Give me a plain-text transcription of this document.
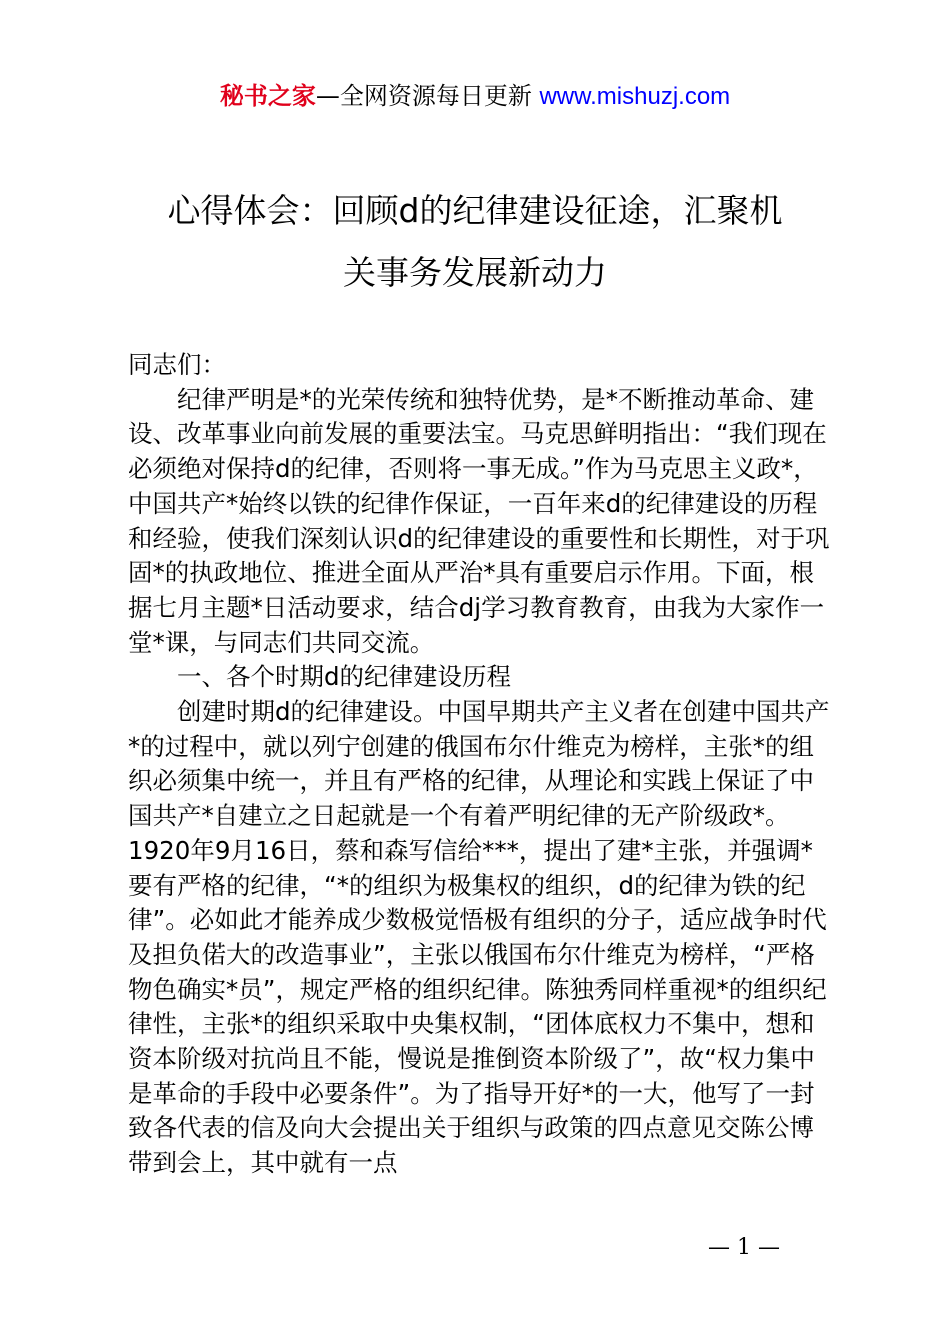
秘书之家—全网资源每日更新 www.mishuzj.com
心得体会：回顾d的纪律建设征途，汇聚机
关事务发展新动力

同志们：

纪律严明是*的光荣传统和独特优势，是*不断推动革命、建设、改革事业向前发展的重要法宝。马克思鲜明指出：“我们现在必须绝对保持d的纪律，否则将一事无成。”作为马克思主义政*，中国共产*始终以铁的纪律作保证，一百年来d的纪律建设的历程和经验，使我们深刻认识d的纪律建设的重要性和长期性，对于巩固*的执政地位、推进全面从严治*具有重要启示作用。下面，根据七月主题*日活动要求，结合dj学习教育教育，由我为大家作一堂*课，与同志们共同交流。

一、各个时期d的纪律建设历程

创建时期d的纪律建设。中国早期共产主义者在创建中国共产*的过程中，就以列宁创建的俄国布尔什维克为榜样，主张*的组织必须集中统一，并且有严格的纪律，从理论和实践上保证了中国共产*自建立之日起就是一个有着严明纪律的无产阶级政*。1920年9月16日，蔡和森写信给***，提出了建*主张，并强调*要有严格的纪律，“*的组织为极集权的组织，d的纪律为铁的纪律”。必如此才能养成少数极觉悟极有组织的分子，适应战争时代及担负偌大的改造事业”，主张以俄国布尔什维克为榜样，“严格物色确实*员”，规定严格的组织纪律。陈独秀同样重视*的组织纪律性，主张*的组织采取中央集权制，“团体底权力不集中，想和资本阶级对抗尚且不能，慢说是推倒资本阶级了”，故“权力集中是革命的手段中必要条件”。为了指导开好*的一大，他写了一封致各代表的信及向大会提出关于组织与政策的四点意见交陈公博带到会上，其中就有一点

— 1 —
